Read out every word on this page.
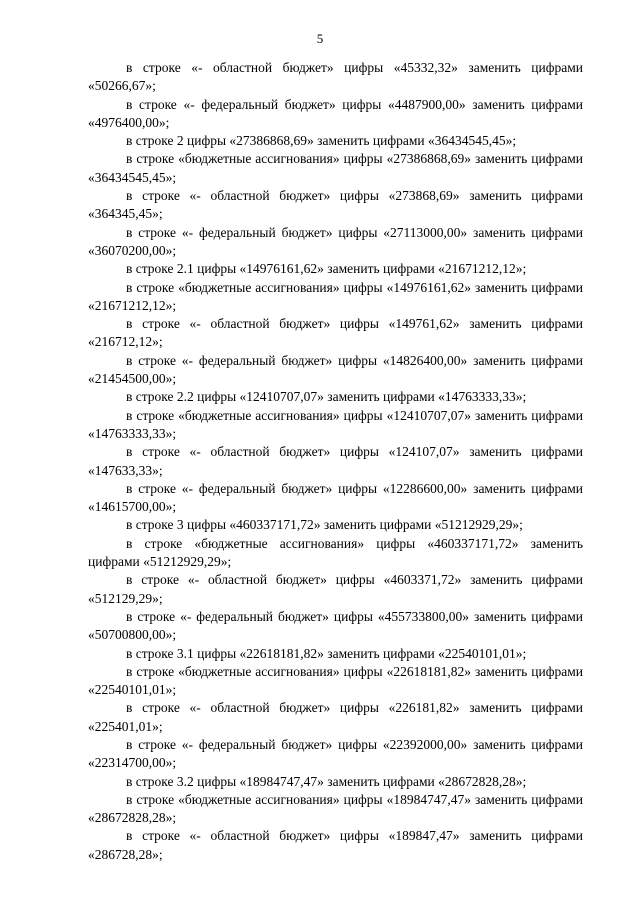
5

в строке «- областной бюджет» цифры «45332,32» заменить цифрами «50266,67»;

в строке «- федеральный бюджет» цифры «4487900,00» заменить цифрами «4976400,00»;

в строке 2 цифры «27386868,69» заменить цифрами «36434545,45»;

в строке «бюджетные ассигнования» цифры «27386868,69» заменить цифрами «36434545,45»;

в строке «- областной бюджет» цифры «273868,69» заменить цифрами «364345,45»;

в строке «- федеральный бюджет» цифры «27113000,00» заменить цифрами «36070200,00»;

в строке 2.1 цифры «14976161,62» заменить цифрами «21671212,12»;

в строке «бюджетные ассигнования» цифры «14976161,62» заменить цифрами «21671212,12»;

в строке «- областной бюджет» цифры «149761,62» заменить цифрами «216712,12»;

в строке «- федеральный бюджет» цифры «14826400,00» заменить цифрами «21454500,00»;

в строке 2.2 цифры «12410707,07» заменить цифрами «14763333,33»;

в строке «бюджетные ассигнования» цифры «12410707,07» заменить цифрами «14763333,33»;

в строке «- областной бюджет» цифры «124107,07» заменить цифрами «147633,33»;

в строке «- федеральный бюджет» цифры «12286600,00» заменить цифрами «14615700,00»;

в строке 3 цифры «460337171,72» заменить цифрами «51212929,29»;

в строке «бюджетные ассигнования» цифры «460337171,72» заменить цифрами «51212929,29»;

в строке «- областной бюджет» цифры «4603371,72» заменить цифрами «512129,29»;

в строке «- федеральный бюджет» цифры «455733800,00» заменить цифрами «50700800,00»;

в строке 3.1 цифры «22618181,82» заменить цифрами «22540101,01»;

в строке «бюджетные ассигнования» цифры «22618181,82» заменить цифрами «22540101,01»;

в строке «- областной бюджет» цифры «226181,82» заменить цифрами «225401,01»;

в строке «- федеральный бюджет» цифры «22392000,00» заменить цифрами «22314700,00»;

в строке 3.2 цифры «18984747,47» заменить цифрами «28672828,28»;

в строке «бюджетные ассигнования» цифры «18984747,47» заменить цифрами «28672828,28»;

в строке «- областной бюджет» цифры «189847,47» заменить цифрами «286728,28»;
